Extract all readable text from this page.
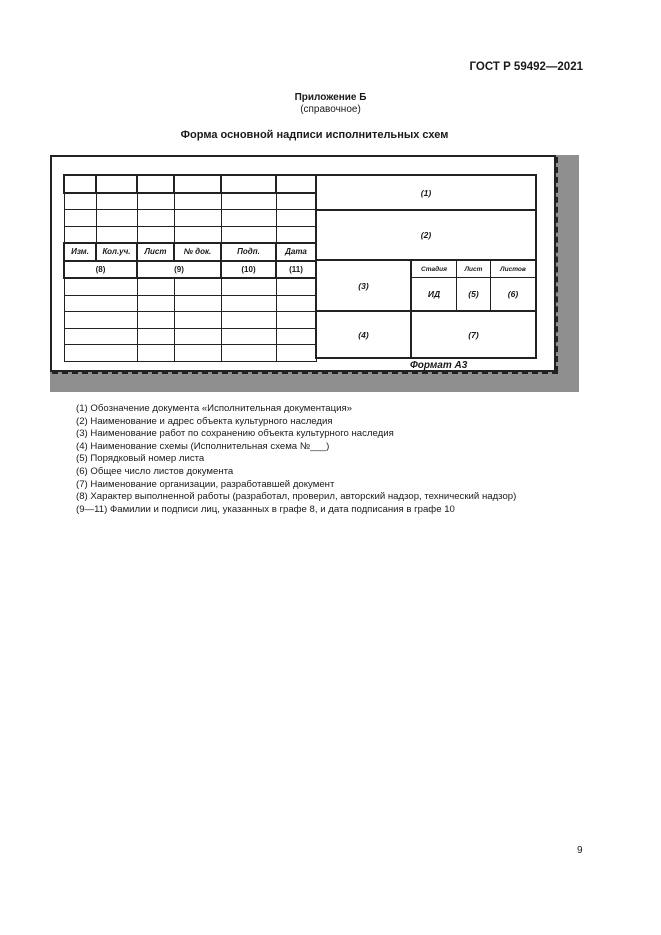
ГОСТ Р 59492—2021
Приложение Б
(справочное)
Форма основной надписи исполнительных схем

Изм.	Кол.уч.	Лист	№ док.	Подп.	Дата
(8)		(9)		(10)	(11)

(1)
(2)
(3)
Стадия	Лист	Листов
ИД	(5)	(6)
(4)	(7)
Формат А3
(1) Обозначение документа «Исполнительная документация»
(2) Наименование и адрес объекта культурного наследия
(3) Наименование работ по сохранению объекта культурного наследия
(4) Наименование схемы (Исполнительная схема №___)
(5) Порядковый номер листа
(6) Общее число листов документа
(7) Наименование организации, разработавшей документ
(8) Характер выполненной работы (разработал, проверил, авторский надзор, технический надзор)
(9—11) Фамилии и подписи лиц, указанных в графе 8, и дата подписания в графе 10
9
